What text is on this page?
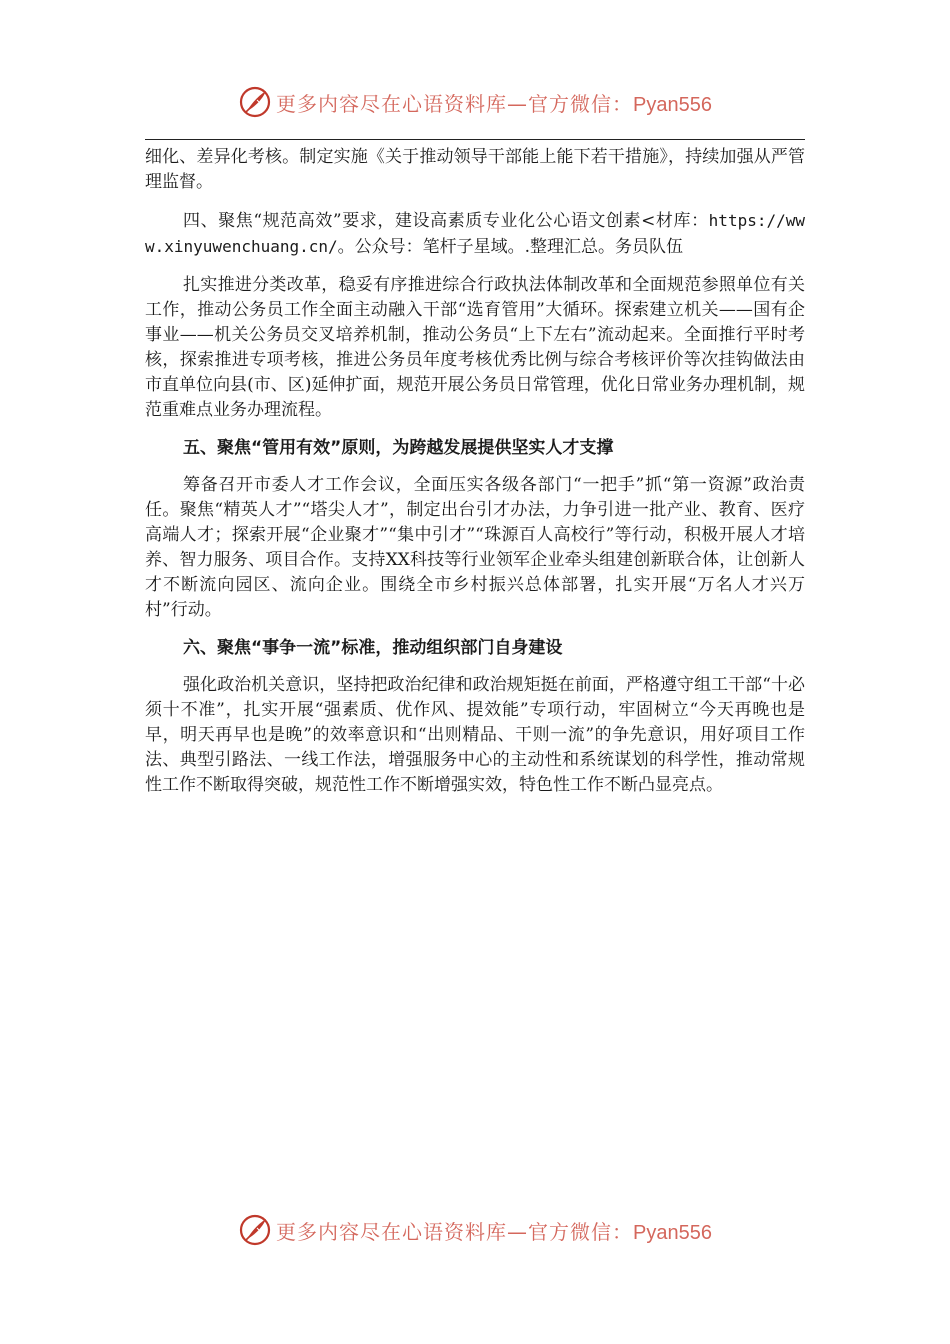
更多内容尽在心语资料库—官方微信：Pyan556

细化、差异化考核。制定实施《关于推动领导干部能上能下若干措施》，持续加强从严管理监督。

四、聚焦“规范高效”要求，建设高素质专业化公心语文创素<材库：https://www.xinyuwenchuang.cn/。公众号：笔杆子星域。.整理汇总。务员队伍

扎实推进分类改革，稳妥有序推进综合行政执法体制改革和全面规范参照单位有关工作，推动公务员工作全面主动融入干部“选育管用”大循环。探索建立机关——国有企事业——机关公务员交叉培养机制，推动公务员“上下左右”流动起来。全面推行平时考核，探索推进专项考核，推进公务员年度考核优秀比例与综合考核评价等次挂钩做法由市直单位向县(市、区)延伸扩面，规范开展公务员日常管理，优化日常业务办理机制，规范重难点业务办理流程。

五、聚焦“管用有效”原则，为跨越发展提供坚实人才支撑

筹备召开市委人才工作会议，全面压实各级各部门“一把手”抓“第一资源”政治责任。聚焦“精英人才”“塔尖人才”，制定出台引才办法，力争引进一批产业、教育、医疗高端人才；探索开展“企业聚才”“集中引才”“珠源百人高校行”等行动，积极开展人才培养、智力服务、项目合作。支持XX科技等行业领军企业牵头组建创新联合体，让创新人才不断流向园区、流向企业。围绕全市乡村振兴总体部署，扎实开展“万名人才兴万村”行动。

六、聚焦“事争一流”标准，推动组织部门自身建设

强化政治机关意识，坚持把政治纪律和政治规矩挺在前面，严格遵守组工干部“十必须十不准”，扎实开展“强素质、优作风、提效能”专项行动，牢固树立“今天再晚也是早，明天再早也是晚”的效率意识和“出则精品、干则一流”的争先意识，用好项目工作法、典型引路法、一线工作法，增强服务中心的主动性和系统谋划的科学性，推动常规性工作不断取得突破，规范性工作不断增强实效，特色性工作不断凸显亮点。

更多内容尽在心语资料库—官方微信：Pyan556
